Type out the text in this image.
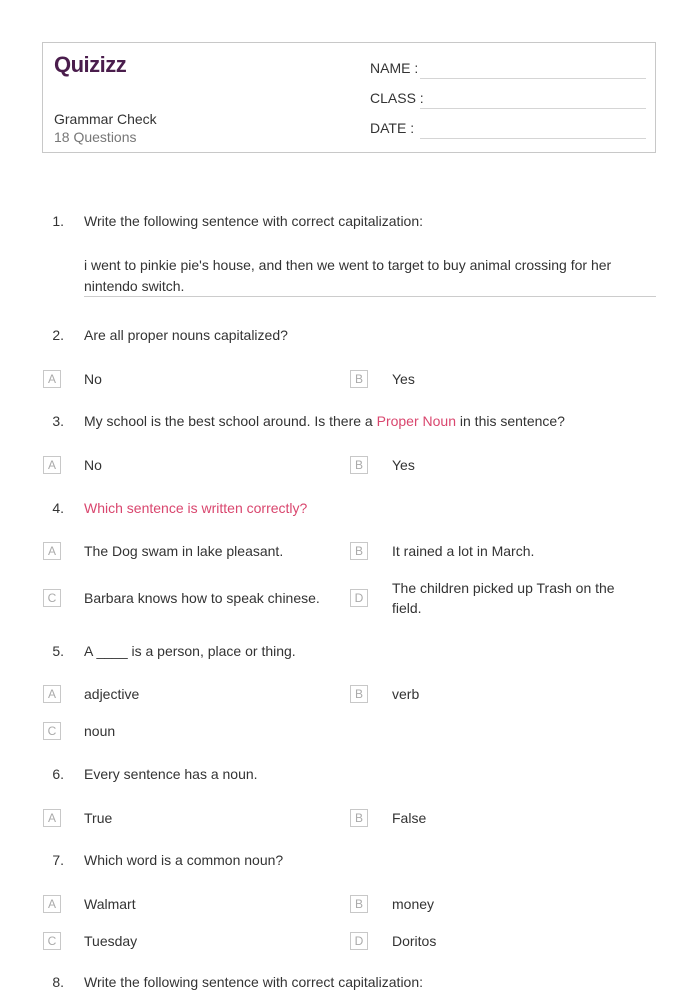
Quizizz
Grammar Check
18 Questions
NAME :
CLASS :
DATE :
1. Write the following sentence with correct capitalization:
i went to pinkie pie's house, and then we went to target to buy animal crossing for her nintendo switch.
2. Are all proper nouns capitalized?
A	No	B	Yes
3. My school is the best school around. Is there a Proper Noun in this sentence?
A	No	B	Yes
4. Which sentence is written correctly?
A	The Dog swam in lake pleasant.	B	It rained a lot in March.
C	Barbara knows how to speak chinese.	D
The children picked up Trash on the field.
5. A ____ is a person, place or thing.
A	adjective	B	verb
C	noun
6. Every sentence has a noun.
A	True	B	False
7. Which word is a common noun?
A	Walmart	B	money
C	Tuesday	D	Doritos
8. Write the following sentence with correct capitalization:
